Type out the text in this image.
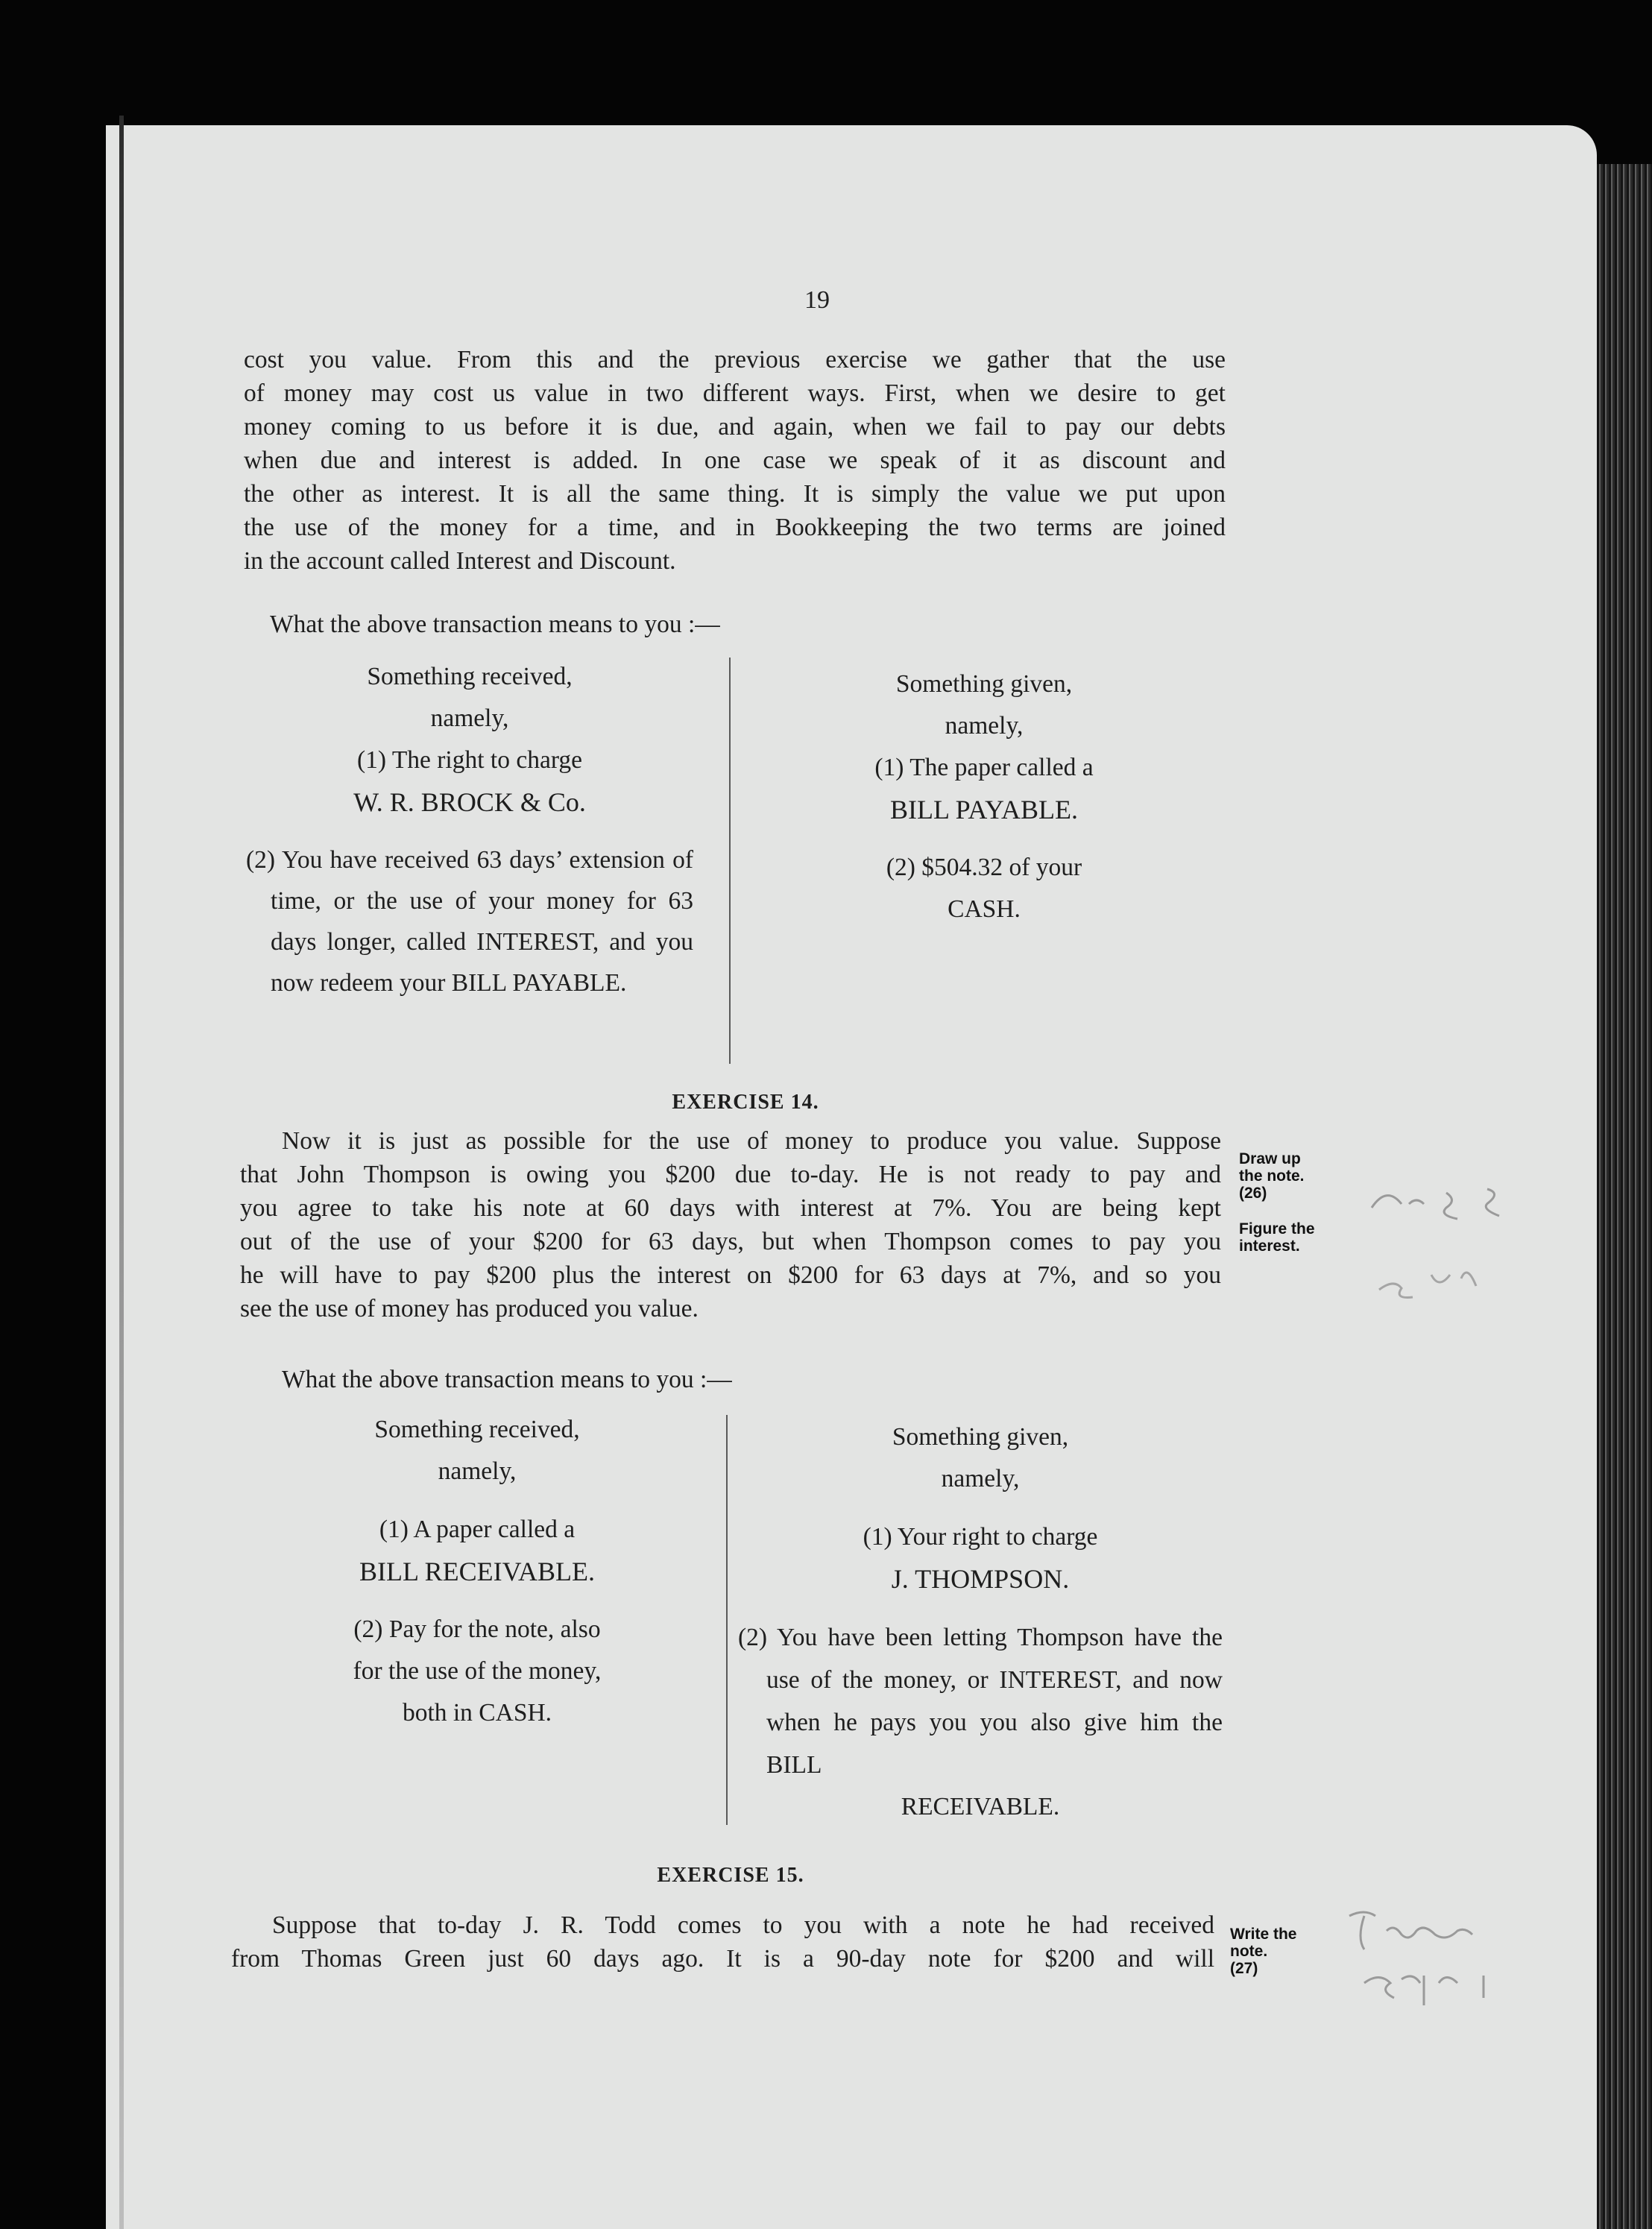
19

cost you value. From this and the previous exercise we gather that the use

of money may cost us value in two different ways. First, when we desire to get

money coming to us before it is due, and again, when we fail to pay our debts

when due and interest is added. In one case we speak of it as discount and

the other as interest. It is all the same thing. It is simply the value we put upon

the use of the money for a time, and in Bookkeeping the two terms are joined

in the account called Interest and Discount.

What the above transaction means to you :—

Something received,

namely,

(1) The right to charge

W. R. BROCK & Co.

(2) You have received 63 days’ extension of time, or the use of your money for 63 days longer, called INTEREST, and you now redeem your BILL PAYABLE.

Something given,

namely,

(1) The paper called a

BILL PAYABLE.

(2) $504.32 of your

CASH.

EXERCISE 14.

Now it is just as possible for the use of money to produce you value. Suppose

that John Thompson is owing you $200 due to-day. He is not ready to pay and

you agree to take his note at 60 days with interest at 7%. You are being kept

out of the use of your $200 for 63 days, but when Thompson comes to pay you

he will have to pay $200 plus the interest on $200 for 63 days at 7%, and so you

see the use of money has produced you value.

Draw up
the note.
(26)
Figure the
interest.

What the above transaction means to you :—

Something received,

namely,

(1) A paper called a

BILL RECEIVABLE.

(2) Pay for the note, also

for the use of the money,

both in CASH.

Something given,

namely,

(1) Your right to charge

J. THOMPSON.

(2) You have been letting Thompson have the use of the money, or INTEREST, and now when he pays you you also give him the BILL

RECEIVABLE.

EXERCISE 15.

Suppose that to-day J. R. Todd comes to you with a note he had received

from Thomas Green just 60 days ago. It is a 90-day note for $200 and will

Write the
note.
(27)
